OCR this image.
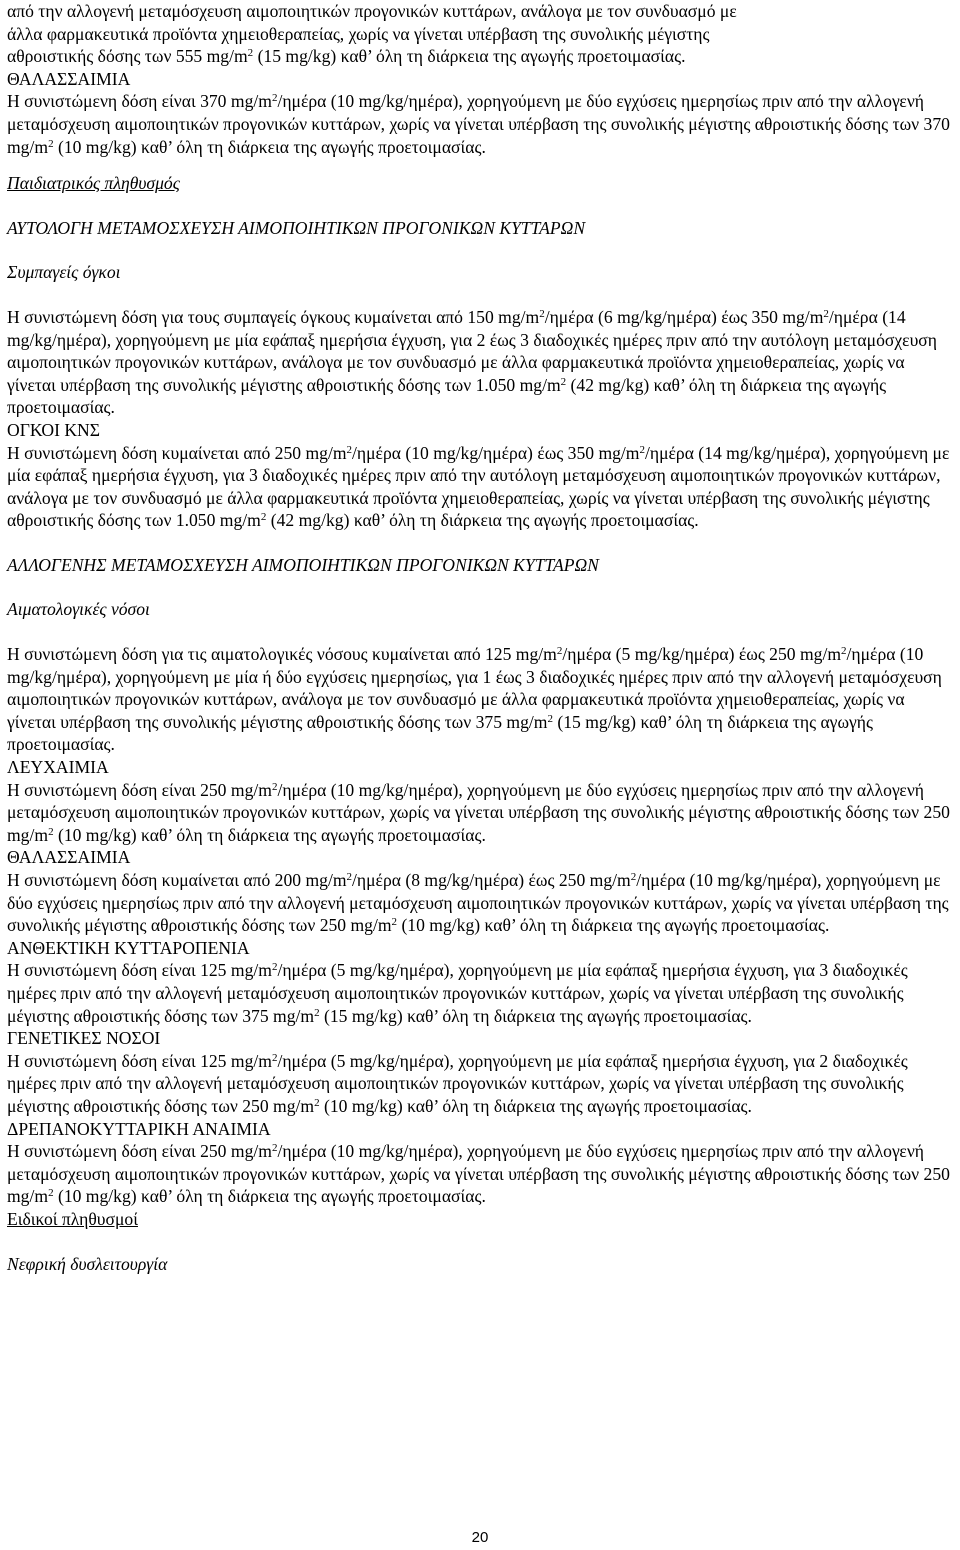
από την αλλογενή μεταμόσχευση αιμοποιητικών προγονικών κυττάρων, ανάλογα με τον συνδυασμό με
άλλα φαρμακευτικά προϊόντα χημειοθεραπείας, χωρίς να γίνεται υπέρβαση της συνολικής μέγιστης
αθροιστικής δόσης των 555 $mg/m^2$ (15 mg/kg) καθ’ όλη τη διάρκεια της αγωγής προετοιμασίας.

ΘΑΛΑΣΣΑΙΜΙΑ

Η συνιστώμενη δόση είναι 370 $mg/m^2$/ημέρα (10 mg/kg/ημέρα), χορηγούμενη με δύο εγχύσεις ημερησίως πριν από την αλλογενή μεταμόσχευση αιμοποιητικών προγονικών κυττάρων, χωρίς να γίνεται υπέρβαση της συνολικής μέγιστης αθροιστικής δόσης των 370 $mg/m^2$ (10 mg/kg) καθ’ όλη τη διάρκεια της αγωγής προετοιμασίας.

Παιδιατρικός πληθυσμός

ΑΥΤΟΛΟΓΗ ΜΕΤΑΜΟΣΧΕΥΣΗ ΑΙΜΟΠΟΙΗΤΙΚΩΝ ΠΡΟΓΟΝΙΚΩΝ ΚΥΤΤΑΡΩΝ

Συμπαγείς όγκοι

Η συνιστώμενη δόση για τους συμπαγείς όγκους κυμαίνεται από 150 $mg/m^2$/ημέρα (6 mg/kg/ημέρα) έως 350 $mg/m^2$/ημέρα (14 mg/kg/ημέρα), χορηγούμενη με μία εφάπαξ ημερήσια έγχυση, για 2 έως 3 διαδοχικές ημέρες πριν από την αυτόλογη μεταμόσχευση αιμοποιητικών προγονικών κυττάρων, ανάλογα με τον συνδυασμό με άλλα φαρμακευτικά προϊόντα χημειοθεραπείας, χωρίς να γίνεται υπέρβαση της συνολικής μέγιστης αθροιστικής δόσης των 1.050 $mg/m^2$ (42 mg/kg) καθ’ όλη τη διάρκεια της αγωγής προετοιμασίας.

ΟΓΚΟΙ ΚΝΣ

Η συνιστώμενη δόση κυμαίνεται από 250 $mg/m^2$/ημέρα (10 mg/kg/ημέρα) έως 350 $mg/m^2$/ημέρα (14 mg/kg/ημέρα), χορηγούμενη με μία εφάπαξ ημερήσια έγχυση, για 3 διαδοχικές ημέρες πριν από την αυτόλογη μεταμόσχευση αιμοποιητικών προγονικών κυττάρων, ανάλογα με τον συνδυασμό με άλλα φαρμακευτικά προϊόντα χημειοθεραπείας, χωρίς να γίνεται υπέρβαση της συνολικής μέγιστης αθροιστικής δόσης των 1.050 $mg/m^2$ (42 mg/kg) καθ’ όλη τη διάρκεια της αγωγής προετοιμασίας.

ΑΛΛΟΓΕΝΗΣ ΜΕΤΑΜΟΣΧΕΥΣΗ ΑΙΜΟΠΟΙΗΤΙΚΩΝ ΠΡΟΓΟΝΙΚΩΝ ΚΥΤΤΑΡΩΝ

Αιματολογικές νόσοι

Η συνιστώμενη δόση για τις αιματολογικές νόσους κυμαίνεται από 125 $mg/m^2$/ημέρα (5 mg/kg/ημέρα) έως 250 $mg/m^2$/ημέρα (10 mg/kg/ημέρα), χορηγούμενη με μία ή δύο εγχύσεις ημερησίως, για 1 έως 3 διαδοχικές ημέρες πριν από την αλλογενή μεταμόσχευση αιμοποιητικών προγονικών κυττάρων, ανάλογα με τον συνδυασμό με άλλα φαρμακευτικά προϊόντα χημειοθεραπείας, χωρίς να γίνεται υπέρβαση της συνολικής μέγιστης αθροιστικής δόσης των 375 $mg/m^2$ (15 mg/kg) καθ’ όλη τη διάρκεια της αγωγής προετοιμασίας.

ΛΕΥΧΑΙΜΙΑ

Η συνιστώμενη δόση είναι 250 $mg/m^2$/ημέρα (10 mg/kg/ημέρα), χορηγούμενη με δύο εγχύσεις ημερησίως πριν από την αλλογενή μεταμόσχευση αιμοποιητικών προγονικών κυττάρων, χωρίς να γίνεται υπέρβαση της συνολικής μέγιστης αθροιστικής δόσης των 250 $mg/m^2$ (10 mg/kg) καθ’ όλη τη διάρκεια της αγωγής προετοιμασίας.

ΘΑΛΑΣΣΑΙΜΙΑ

Η συνιστώμενη δόση κυμαίνεται από 200 $mg/m^2$/ημέρα (8 mg/kg/ημέρα) έως 250 $mg/m^2$/ημέρα (10 mg/kg/ημέρα), χορηγούμενη με δύο εγχύσεις ημερησίως πριν από την αλλογενή μεταμόσχευση αιμοποιητικών προγονικών κυττάρων, χωρίς να γίνεται υπέρβαση της συνολικής μέγιστης αθροιστικής δόσης των 250 $mg/m^2$ (10 mg/kg) καθ’ όλη τη διάρκεια της αγωγής προετοιμασίας.

ΑΝΘΕΚΤΙΚΗ ΚΥΤΤΑΡΟΠΕΝΙΑ

Η συνιστώμενη δόση είναι 125 $mg/m^2$/ημέρα (5 mg/kg/ημέρα), χορηγούμενη με μία εφάπαξ ημερήσια έγχυση, για 3 διαδοχικές ημέρες πριν από την αλλογενή μεταμόσχευση αιμοποιητικών προγονικών κυττάρων, χωρίς να γίνεται υπέρβαση της συνολικής μέγιστης αθροιστικής δόσης των 375 $mg/m^2$ (15 mg/kg) καθ’ όλη τη διάρκεια της αγωγής προετοιμασίας.

ΓΕΝΕΤΙΚΕΣ ΝΟΣΟΙ

Η συνιστώμενη δόση είναι 125 $mg/m^2$/ημέρα (5 mg/kg/ημέρα), χορηγούμενη με μία εφάπαξ ημερήσια έγχυση, για 2 διαδοχικές ημέρες πριν από την αλλογενή μεταμόσχευση αιμοποιητικών προγονικών κυττάρων, χωρίς να γίνεται υπέρβαση της συνολικής μέγιστης αθροιστικής δόσης των 250 $mg/m^2$ (10 mg/kg) καθ’ όλη τη διάρκεια της αγωγής προετοιμασίας.

ΔΡΕΠΑΝΟΚΥΤΤΑΡΙΚΗ ΑΝΑΙΜΙΑ

Η συνιστώμενη δόση είναι 250 $mg/m^2$/ημέρα (10 mg/kg/ημέρα), χορηγούμενη με δύο εγχύσεις ημερησίως πριν από την αλλογενή μεταμόσχευση αιμοποιητικών προγονικών κυττάρων, χωρίς να γίνεται υπέρβαση της συνολικής μέγιστης αθροιστικής δόσης των 250 $mg/m^2$ (10 mg/kg) καθ’ όλη τη διάρκεια της αγωγής προετοιμασίας.

Ειδικοί πληθυσμοί

Νεφρική δυσλειτουργία

20
